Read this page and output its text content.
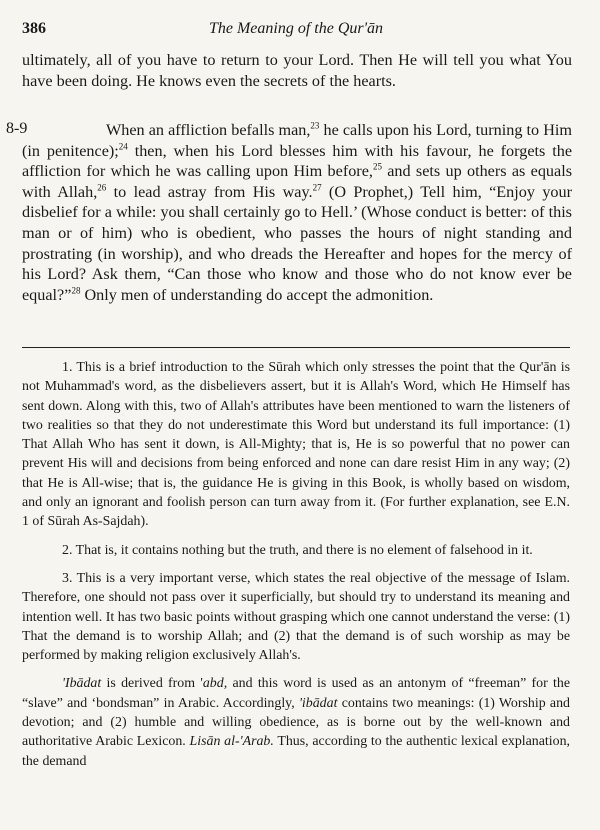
386	The Meaning of the Qur'ān
ultimately, all of you have to return to your Lord. Then He will tell you what You have been doing. He knows even the secrets of the hearts.
8-9	When an affliction befalls man,$^{23}$ he calls upon his Lord, turning to Him (in penitence);$^{24}$ then, when his Lord blesses him with his favour, he forgets the affliction for which he was calling upon Him before,$^{25}$ and sets up others as equals with Allah,$^{26}$ to lead astray from His way.$^{27}$ (O Prophet,) Tell him, “Enjoy your disbelief for a while: you shall certainly go to Hell.’ (Whose conduct is better: of this man or of him) who is obedient, who passes the hours of night standing and prostrating (in worship), and who dreads the Hereafter and hopes for the mercy of his Lord? Ask them, “Can those who know and those who do not know ever be equal?”$^{28}$ Only men of understanding do accept the admonition.

1. This is a brief introduction to the Sūrah which only stresses the point that the Qur'ān is not Muhammad's word, as the disbelievers assert, but it is Allah's Word, which He Himself has sent down. Along with this, two of Allah's attributes have been mentioned to warn the listeners of two realities so that they do not underestimate this Word but understand its full importance: (1) That Allah Who has sent it down, is All-Mighty; that is, He is so powerful that no power can prevent His will and decisions from being enforced and none can dare resist Him in any way; (2) that He is All-wise; that is, the guidance He is giving in this Book, is wholly based on wisdom, and only an ignorant and foolish person can turn away from it. (For further explanation, see E.N. 1 of Sūrah As-Sajdah).

2. That is, it contains nothing but the truth, and there is no element of falsehood in it.

3. This is a very important verse, which states the real objective of the message of Islam. Therefore, one should not pass over it superficially, but should try to understand its meaning and intention well. It has two basic points without grasping which one cannot understand the verse: (1) That the demand is to worship Allah; and (2) that the demand is of such worship as may be performed by making religion exclusively Allah's.

'Ibādat is derived from 'abd, and this word is used as an antonym of “freeman” for the “slave” and ‘bondsman” in Arabic. Accordingly, 'ibādat contains two meanings: (1) Worship and devotion; and (2) humble and willing obedience, as is borne out by the well-known and authoritative Arabic Lexicon. Lisān al-'Arab. Thus, according to the authentic lexical explanation, the demand
